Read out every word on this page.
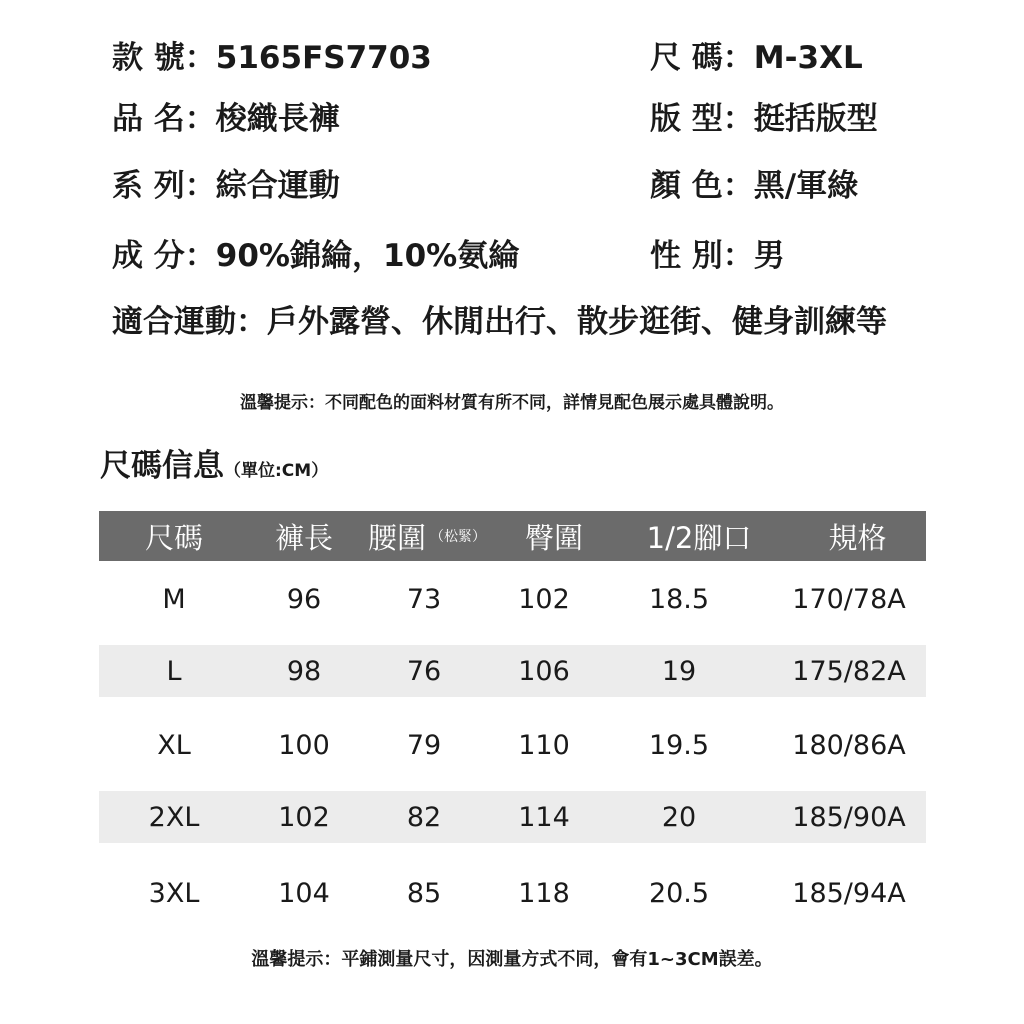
款 號：5165FS7703	尺 碼：M-3XL
品 名：梭織長褲	版 型：挺括版型
系 列：綜合運動	顏 色：黑/軍綠
成 分：90%錦綸，10%氨綸	性 別：男
適合運動：戶外露營、休閒出行、散步逛街、健身訓練等
溫馨提示：不同配色的面料材質有所不同，詳情見配色展示處具體說明。
尺碼信息（單位:CM）
尺碼	褲長	腰圍 （松緊）	臀圍	1/2腳口	規格
M	96	73	102	18.5	170/78A
L	98	76	106	19	175/82A
XL	100	79	110	19.5	180/86A
2XL	102	82	114	20	185/90A
3XL	104	85	118	20.5	185/94A
溫馨提示：平鋪測量尺寸，因測量方式不同，會有1~3CM誤差。
